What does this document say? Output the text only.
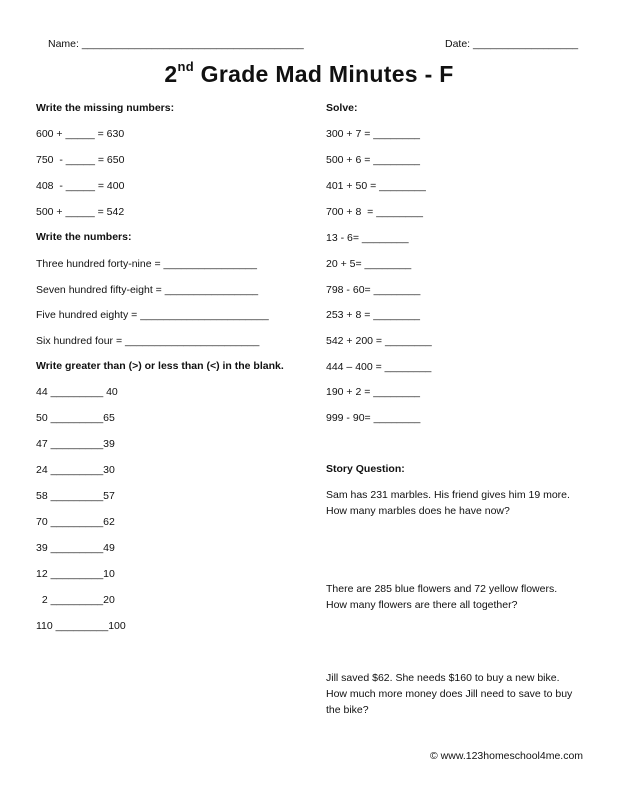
Name: ______________________________________	Date: __________________
2nd Grade Mad Minutes - F
Write the missing numbers:
600 + _____ = 630
750  - _____ = 650
408  - _____ = 400
500 + _____ = 542
Write the numbers:
Three hundred forty-nine = ________________
Seven hundred fifty-eight = ________________
Five hundred eighty = ______________________
Six hundred four = _______________________
Write greater than (>) or less than (<) in the blank.
44 _________ 40
50 _________65
47 _________39
24 _________30
58 _________57
70 _________62
39 _________49
12 _________10
2 _________20
110 _________100
Solve:
300 + 7 = ________
500 + 6 = ________
401 + 50 = ________
700 + 8  = ________
13 - 6= ________
20 + 5= ________
798 - 60= ________
253 + 8 = ________
542 + 200 = ________
444 – 400 = ________
190 + 2 = ________
999 - 90= ________
Story Question:
Sam has 231 marbles. His friend gives him 19 more. How many marbles does he have now?
There are 285 blue flowers and 72 yellow flowers. How many flowers are there all together?
Jill saved $62. She needs $160 to buy a new bike. How much more money does Jill need to save to buy the bike?
© www.123homeschool4me.com
